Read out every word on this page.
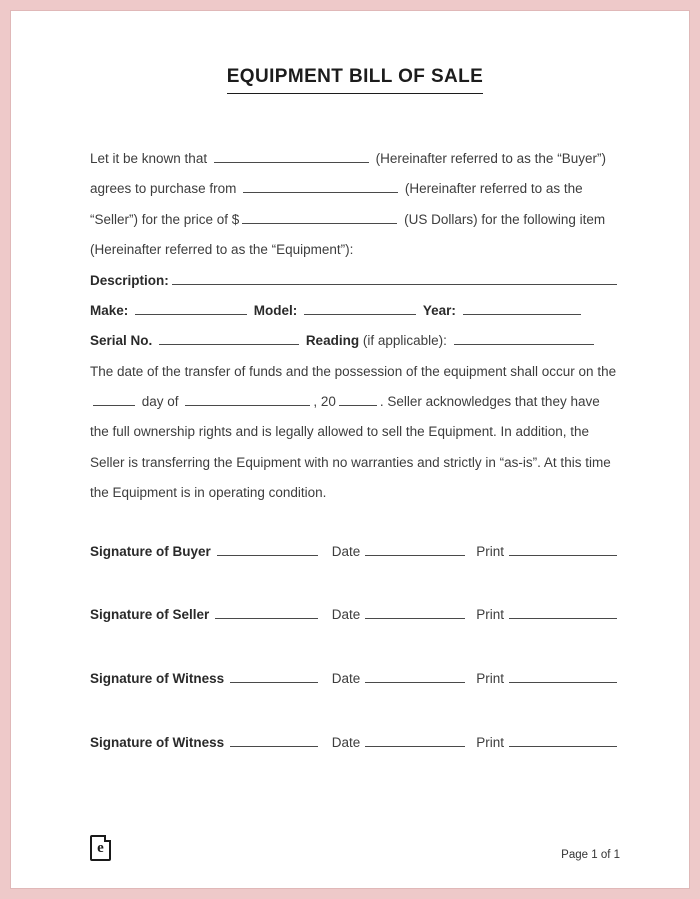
EQUIPMENT BILL OF SALE

Let it be known that	(Hereinafter referred to as the “Buyer”) agrees to purchase from	(Hereinafter referred to as the “Seller”) for the price of $	(US Dollars) for the following item (Hereinafter referred to as the “Equipment”):

Description:

Make:	Model:	Year:

Serial No.	Reading (if applicable):

The date of the transfer of funds and the possession of the equipment shall occur on the  day of	, 20	. Seller acknowledges that they have the full ownership rights and is legally allowed to sell the Equipment. In addition, the Seller is transferring the Equipment with no warranties and strictly in “as-is”. At this time the Equipment is in operating condition.

Signature of Buyer	Date	Print
Signature of Seller	Date	Print
Signature of Witness	Date	Print
Signature of Witness	Date	Print
e	Page 1 of 1
